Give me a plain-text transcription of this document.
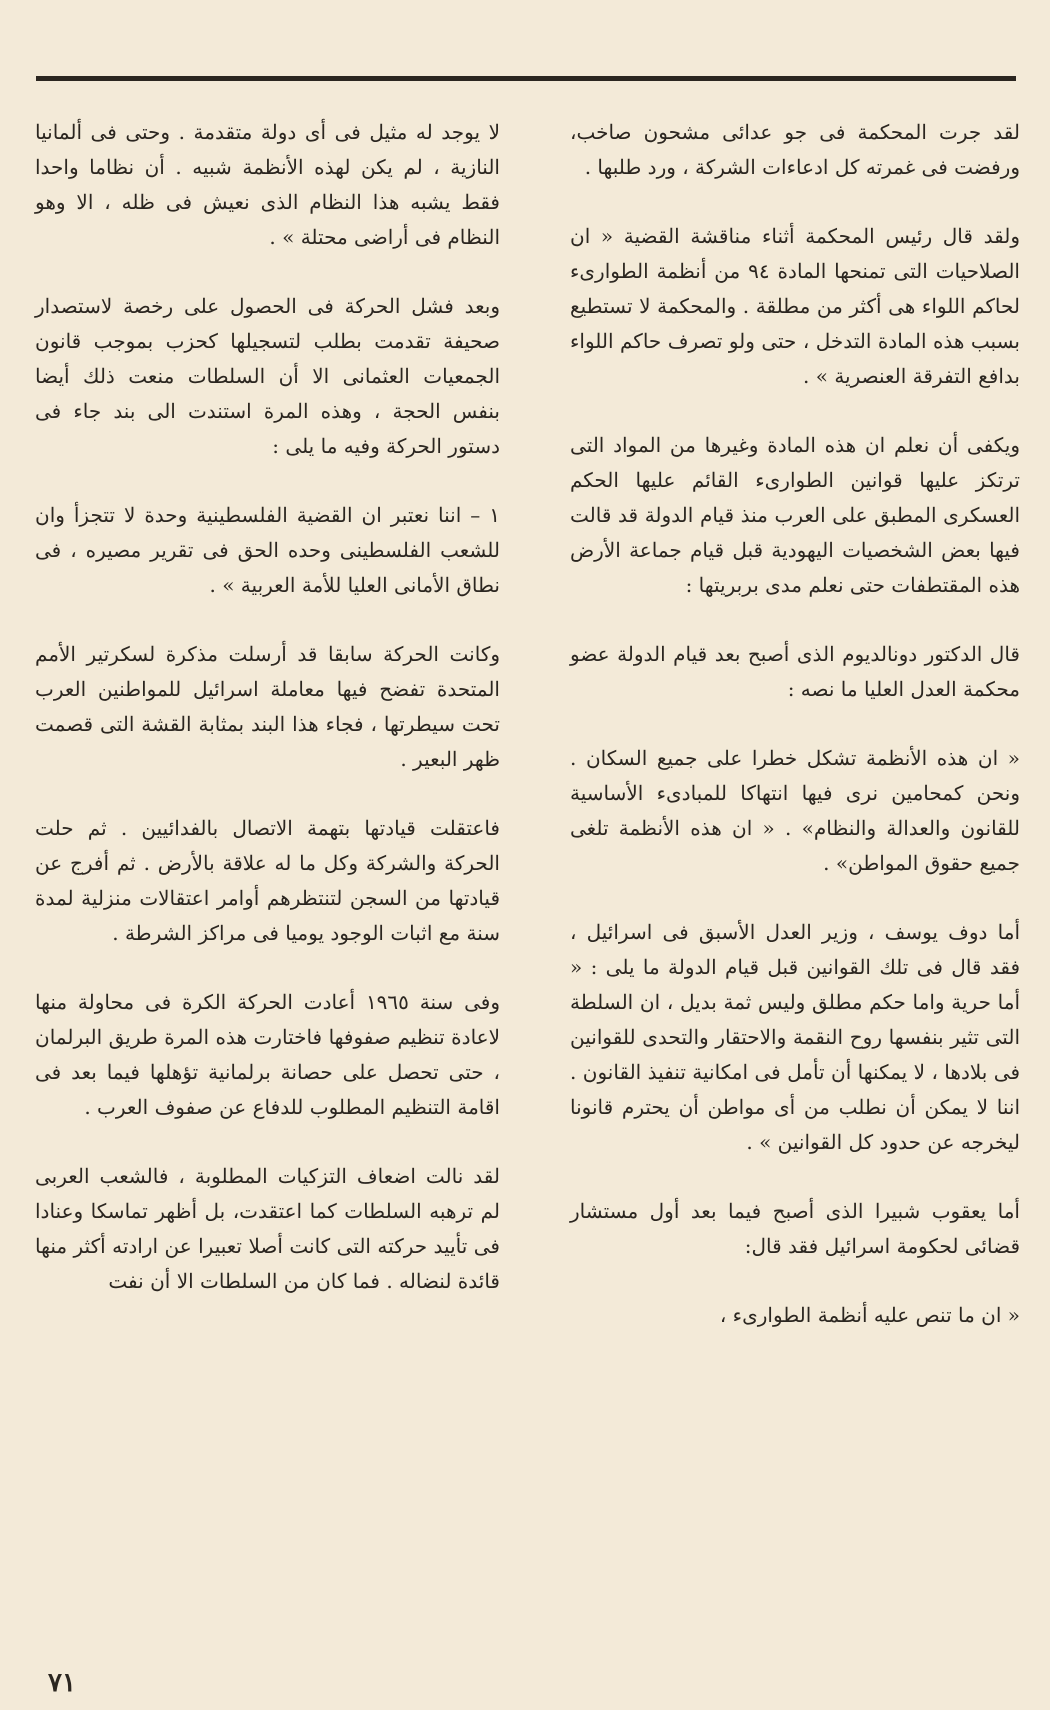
لقد جرت المحكمة فى جو عدائى مشحون صاخب، ورفضت فى غمرته كل ادعاءات الشركة ، ورد طلبها .

ولقد قال رئيس المحكمة أثناء مناقشة القضية « ان الصلاحيات التى تمنحها المادة ٩٤ من أنظمة الطوارىء لحاكم اللواء هى أكثر من مطلقة . والمحكمة لا تستطيع بسبب هذه المادة التدخل ، حتى ولو تصرف حاكم اللواء بدافع التفرقة العنصرية » .

ويكفى أن نعلم ان هذه المادة وغيرها من المواد التى ترتكز عليها قوانين الطوارىء القائم عليها الحكم العسكرى المطبق على العرب منذ قيام الدولة قد قالت فيها بعض الشخصيات اليهودية قبل قيام جماعة الأرض هذه المقتطفات حتى نعلم مدى بربريتها :

قال الدكتور دونالديوم الذى أصبح بعد قيام الدولة عضو محكمة العدل العليا ما نصه :

« ان هذه الأنظمة تشكل خطرا على جميع السكان . ونحن كمحامين نرى فيها انتهاكا للمبادىء الأساسية للقانون والعدالة والنظام» . « ان هذه الأنظمة تلغى جميع حقوق المواطن» .

أما دوف يوسف ، وزير العدل الأسبق فى اسرائيل ، فقد قال فى تلك القوانين قبل قيام الدولة ما يلى : « أما حرية واما حكم مطلق وليس ثمة بديل ، ان السلطة التى تثير بنفسها روح النقمة والاحتقار والتحدى للقوانين فى بلادها ، لا يمكنها أن تأمل فى امكانية تنفيذ القانون . اننا لا يمكن أن نطلب من أى مواطن أن يحترم قانونا ليخرجه عن حدود كل القوانين » .

أما يعقوب شبيرا الذى أصبح فيما بعد أول مستشار قضائى لحكومة اسرائيل فقد قال:

« ان ما تنص عليه أنظمة الطوارىء ،

لا يوجد له مثيل فى أى دولة متقدمة . وحتى فى ألمانيا النازية ، لم يكن لهذه الأنظمة شبيه . أن نظاما واحدا فقط يشبه هذا النظام الذى نعيش فى ظله ، الا وهو النظام فى أراضى محتلة » .

وبعد فشل الحركة فى الحصول على رخصة لاستصدار صحيفة تقدمت بطلب لتسجيلها كحزب بموجب قانون الجمعيات العثمانى الا أن السلطات منعت ذلك أيضا بنفس الحجة ، وهذه المرة استندت الى بند جاء فى دستور الحركة وفيه ما يلى :

١ – اننا نعتبر ان القضية الفلسطينية وحدة لا تتجزأ وان للشعب الفلسطينى وحده الحق فى تقرير مصيره ، فى نطاق الأمانى العليا للأمة العربية » .

وكانت الحركة سابقا قد أرسلت مذكرة لسكرتير الأمم المتحدة تفضح فيها معاملة اسرائيل للمواطنين العرب تحت سيطرتها ، فجاء هذا البند بمثابة القشة التى قصمت ظهر البعير .

فاعتقلت قيادتها بتهمة الاتصال بالفدائيين . ثم حلت الحركة والشركة وكل ما له علاقة بالأرض . ثم أفرج عن قيادتها من السجن لتنتظرهم أوامر اعتقالات منزلية لمدة سنة مع اثبات الوجود يوميا فى مراكز الشرطة .

وفى سنة ١٩٦٥ أعادت الحركة الكرة فى محاولة منها لاعادة تنظيم صفوفها فاختارت هذه المرة طريق البرلمان ، حتى تحصل على حصانة برلمانية تؤهلها فيما بعد فى اقامة التنظيم المطلوب للدفاع عن صفوف العرب .

لقد نالت اضعاف التزكيات المطلوبة ، فالشعب العربى لم ترهبه السلطات كما اعتقدت، بل أظهر تماسكا وعنادا فى تأييد حركته التى كانت أصلا تعبيرا عن ارادته أكثر منها قائدة لنضاله . فما كان من السلطات الا أن نفت

٧١
